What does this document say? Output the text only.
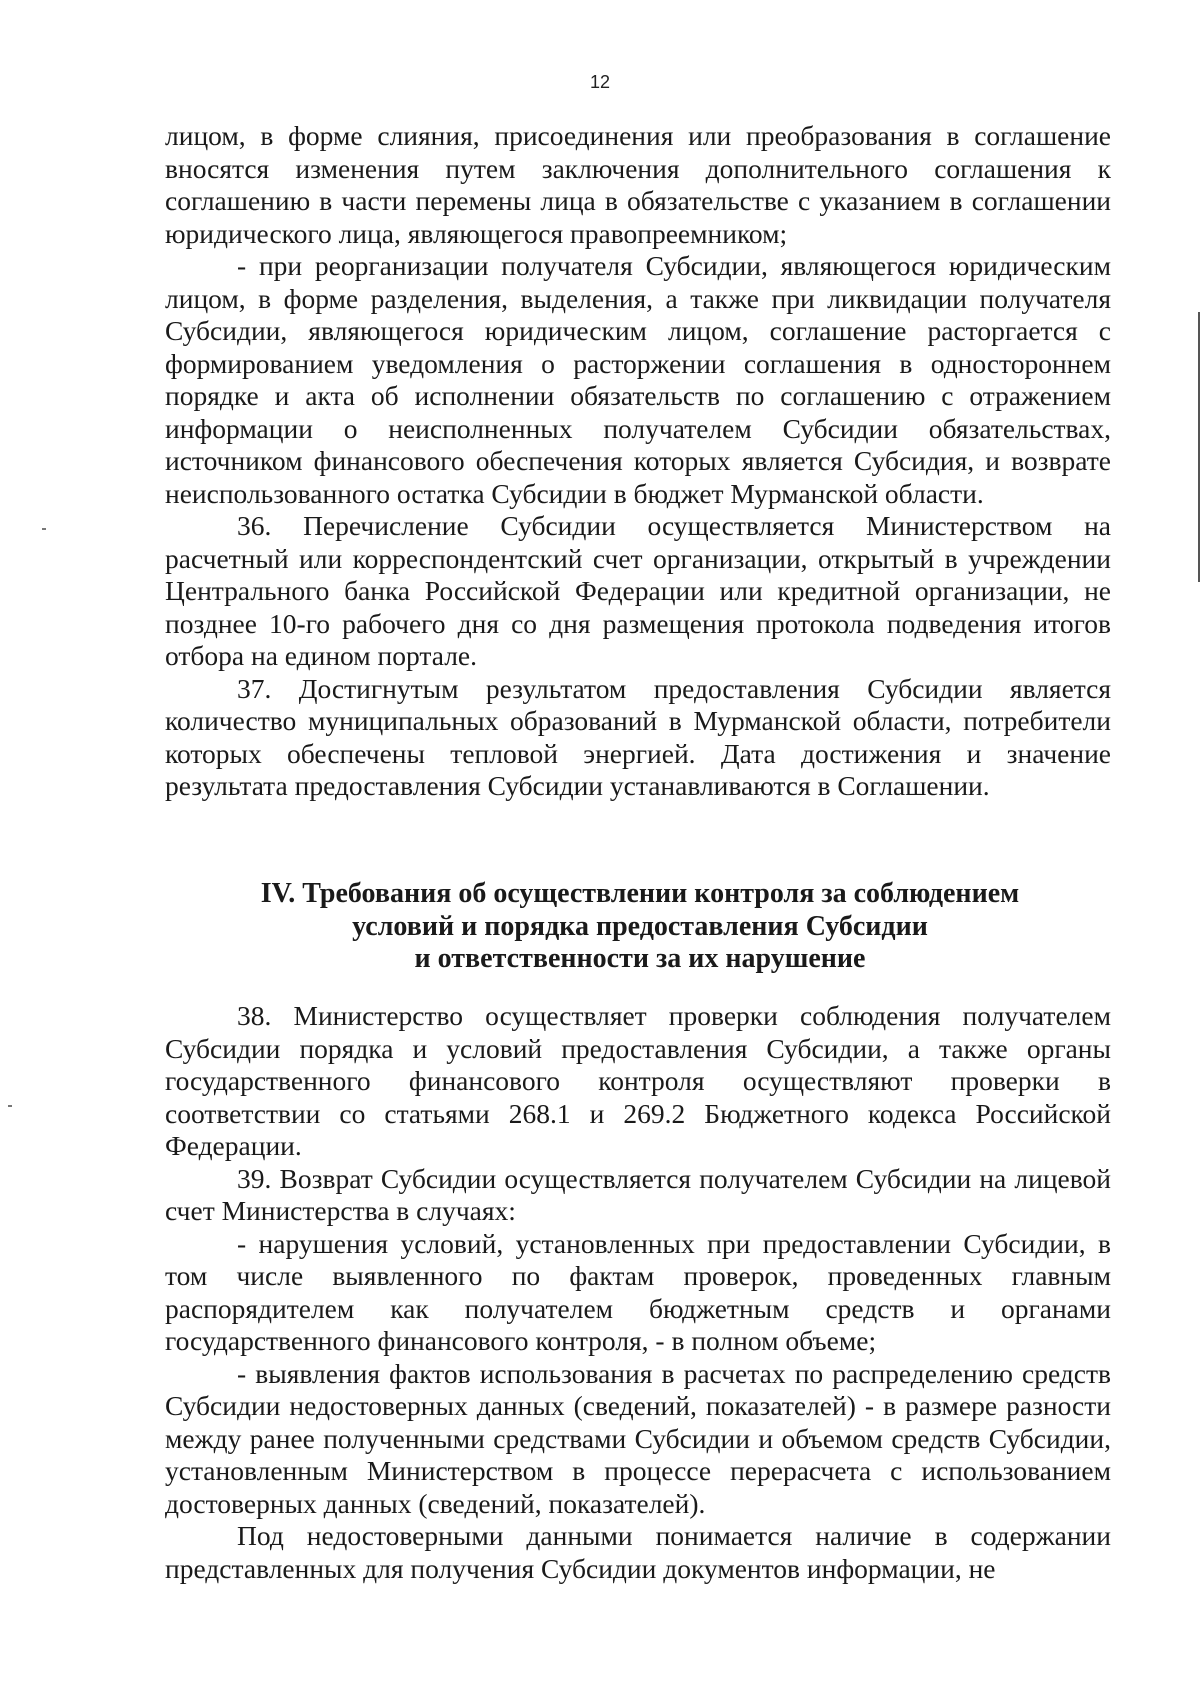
12

лицом, в форме слияния, присоединения или преобразования в соглашение вносятся изменения путем заключения дополнительного соглашения к соглашению в части перемены лица в обязательстве с указанием в соглашении юридического лица, являющегося правопреемником;

- при реорганизации получателя Субсидии, являющегося юридическим лицом, в форме разделения, выделения, а также при ликвидации получателя Субсидии, являющегося юридическим лицом, соглашение расторгается с формированием уведомления о расторжении соглашения в одностороннем порядке и акта об исполнении обязательств по соглашению с отражением информации о неисполненных получателем Субсидии обязательствах, источником финансового обеспечения которых является Субсидия, и возврате неиспользованного остатка Субсидии в бюджет Мурманской области.

36. Перечисление Субсидии осуществляется Министерством на расчетный или корреспондентский счет организации, открытый в учреждении Центрального банка Российской Федерации или кредитной организации, не позднее 10-го рабочего дня со дня размещения протокола подведения итогов отбора на едином портале.

37. Достигнутым результатом предоставления Субсидии является количество муниципальных образований в Мурманской области, потребители которых обеспечены тепловой энергией. Дата достижения и значение результата предоставления Субсидии устанавливаются в Соглашении.

IV. Требования об осуществлении контроля за соблюдением
условий и порядка предоставления Субсидии
и ответственности за их нарушение

38. Министерство осуществляет проверки соблюдения получателем Субсидии порядка и условий предоставления Субсидии, а также органы государственного финансового контроля осуществляют проверки в соответствии со статьями 268.1 и 269.2 Бюджетного кодекса Российской Федерации.

39. Возврат Субсидии осуществляется получателем Субсидии на лицевой счет Министерства в случаях:

- нарушения условий, установленных при предоставлении Субсидии, в том числе выявленного по фактам проверок, проведенных главным распорядителем как получателем бюджетным средств и органами государственного финансового контроля, - в полном объеме;

- выявления фактов использования в расчетах по распределению средств Субсидии недостоверных данных (сведений, показателей) - в размере разности между ранее полученными средствами Субсидии и объемом средств Субсидии, установленным Министерством в процессе перерасчета с использованием достоверных данных (сведений, показателей).

Под недостоверными данными понимается наличие в содержании представленных для получения Субсидии документов информации, не
